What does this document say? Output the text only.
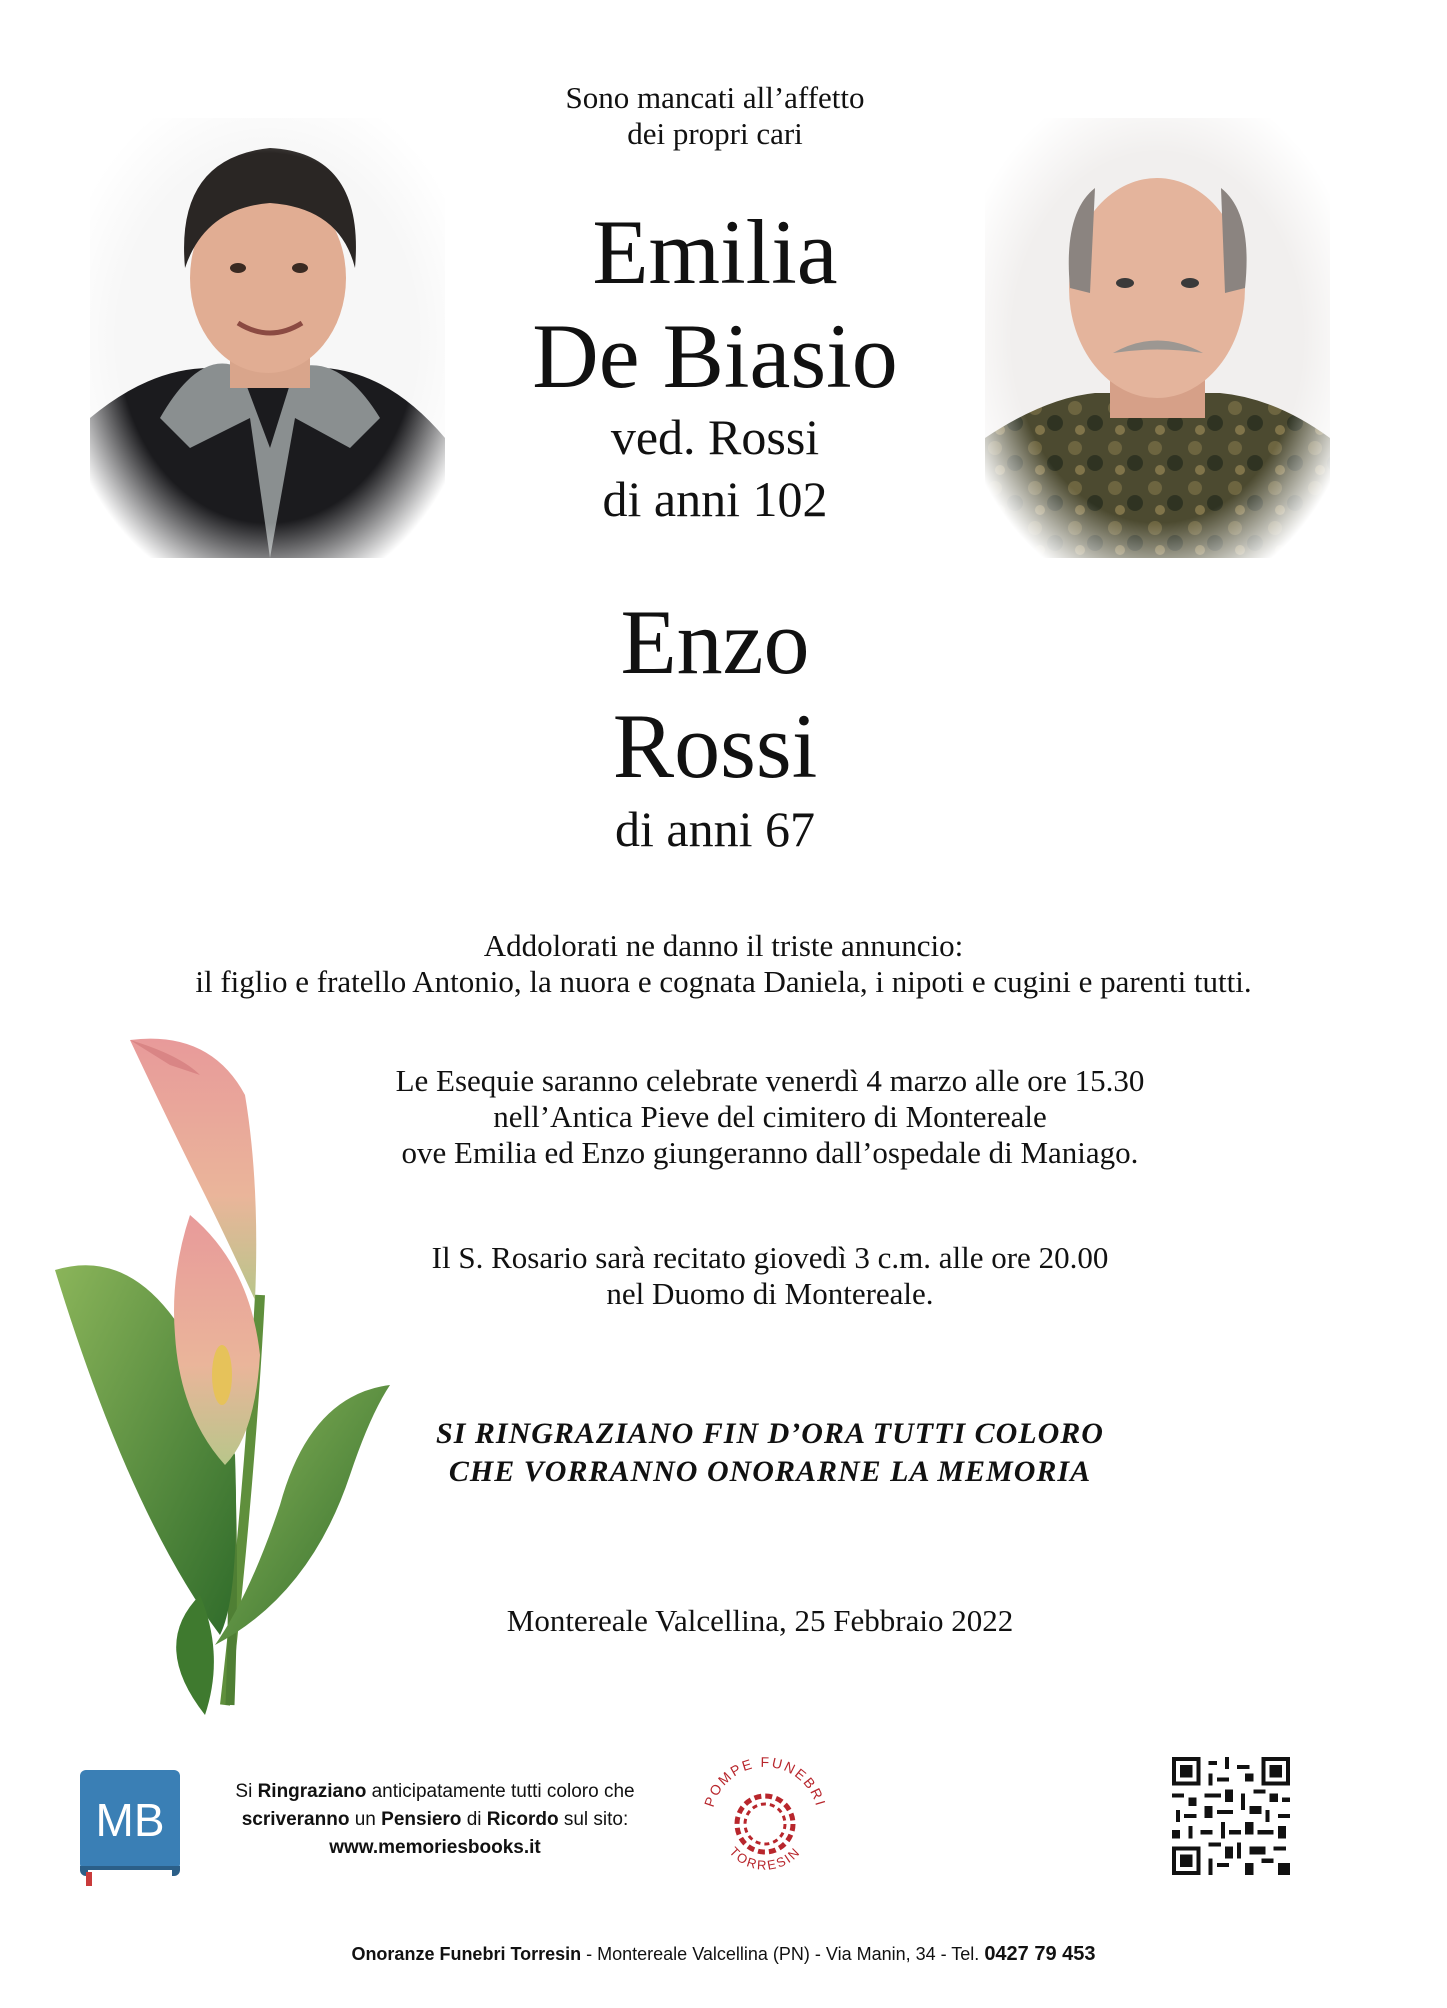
Sono mancati all’affetto
dei propri cari
Emilia
De Biasio
ved. Rossi
di anni 102
Enzo
Rossi
di anni 67
Addolorati ne danno il triste annuncio:
il figlio e fratello Antonio, la nuora e cognata Daniela, i nipoti e cugini e parenti tutti.
Le Esequie saranno celebrate venerdì 4 marzo alle ore 15.30
nell’Antica Pieve del cimitero di Montereale
ove Emilia ed Enzo giungeranno dall’ospedale di Maniago.
Il S. Rosario sarà recitato giovedì 3 c.m. alle ore 20.00
nel Duomo di Montereale.
SI RINGRAZIANO FIN D’ORA TUTTI COLORO
CHE VORRANNO ONORARNE LA MEMORIA
Montereale Valcellina, 25 Febbraio 2022
MB
Si Ringraziano anticipatamente tutti coloro che
scriveranno un Pensiero di Ricordo sul sito:
www.memoriesbooks.it
POMPE FUNEBRI
TORRESIN
Onoranze Funebri Torresin - Montereale Valcellina (PN) - Via Manin, 34 - Tel. 0427 79 453
